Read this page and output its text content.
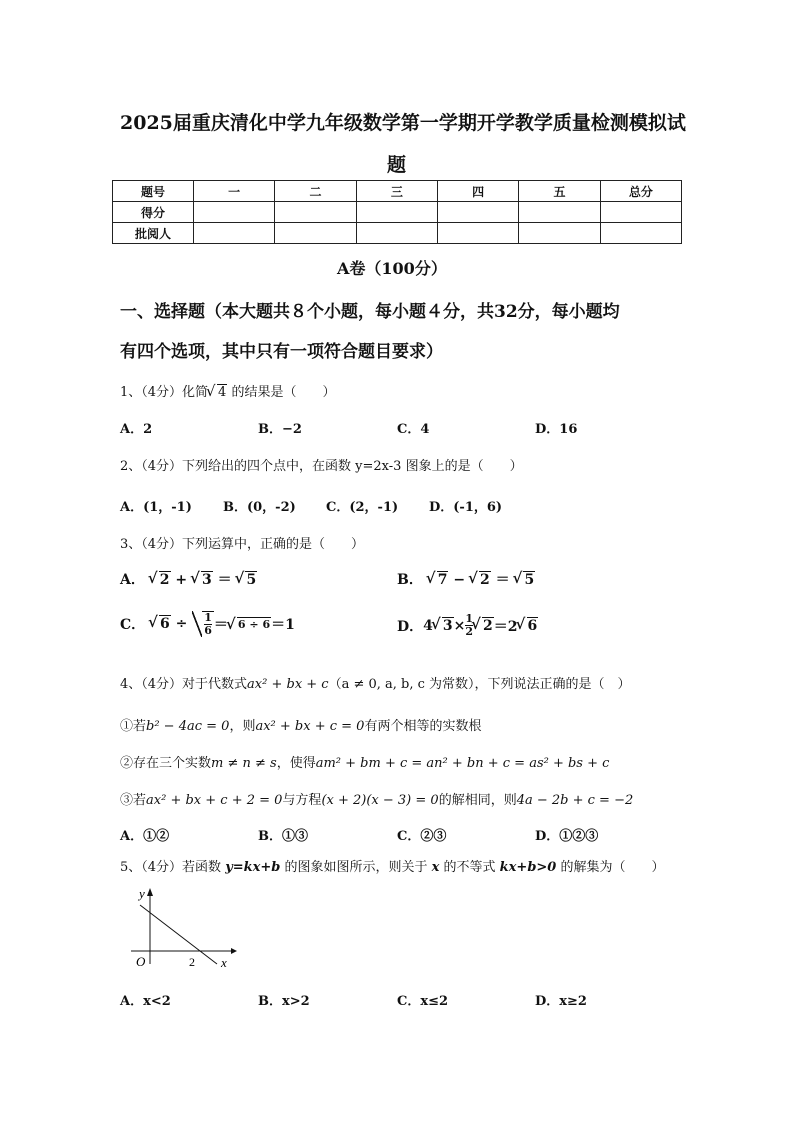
2025届重庆清化中学九年级数学第一学期开学教学质量检测模拟试
题
题号	一	二	三	四	五	总分
得分						
批阅人						
A卷（100分）
一、选择题（本大题共８个小题，每小题４分，共32分，每小题均
有四个选项，其中只有一项符合题目要求）
1、（4分）化简 √ 4 的结果是（　　）
A．2	B．−2	C．4	D．16
2、（4分）下列给出的四个点中，在函数 y=2x-3 图象上的是（　　）
A．(1，-1) B．(0，-2) C．(2，-1) D．(-1，6)
3、（4分）下列运算中，正确的是（　　）
A． √ 2 + √ 3 ＝ √ 5	B． √ 7 − √ 2 ＝ √ 5
C．
	√ 6
÷
$\frac{1}{6}$ ＝ √ 6 ÷ 6 ＝1	D． 4 √ $3 \times \frac{1}{2}$ √ 2 ＝2 √ 6
4、（4分）对于代数式ax² + bx + c（a ≠ 0, a, b, c 为常数），下列说法正确的是（　）
①若b² − 4ac = 0，则ax² + bx + c = 0有两个相等的实数根
②存在三个实数m ≠ n ≠ s，使得am² + bm + c = an² + bn + c = as² + bs + c
③若ax² + bx + c + 2 = 0与方程(x + 2)(x − 3) = 0的解相同，则4a − 2b + c = −2
A．①②	B．①③	C．②③	D．①②③
5、（4分）若函数 y=kx+b 的图象如图所示，则关于 x 的不等式 kx+b>0 的解集为（　　）
y
x
O	2
A．x<2	B．x>2	C．x≤2	D．x≥2
